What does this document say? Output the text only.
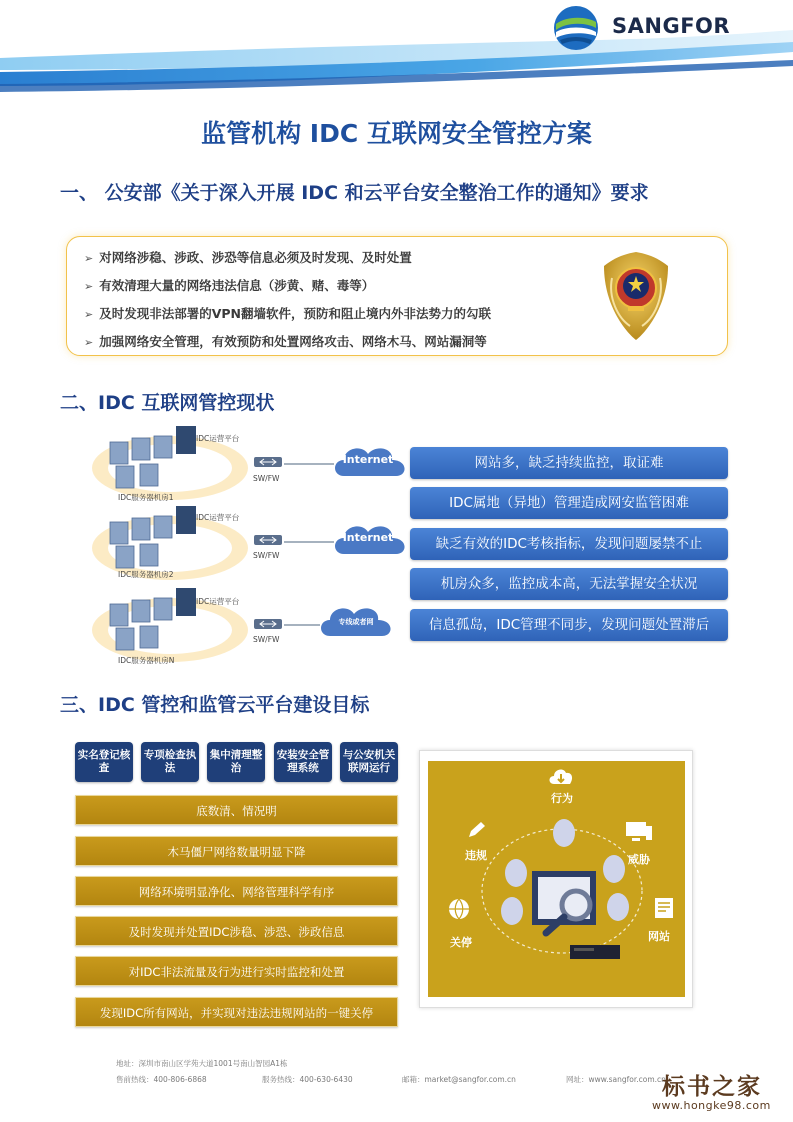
SANGFOR
监管机构 IDC 互联网安全管控方案
一、 公安部《关于深入开展 IDC 和云平台安全整治工作的通知》要求
➢ 对网络涉稳、涉政、涉恐等信息必须及时发现、及时处置
➢ 有效清理大量的网络违法信息（涉黄、赌、毒等）
➢ 及时发现非法部署的VPN翻墙软件，预防和阻止境内外非法势力的勾联
➢ 加强网络安全管理，有效预防和处置网络攻击、网络木马、网站漏洞等
二、IDC 互联网管控现状
IDC运营平台
IDC服务器机房1
SW/FW
Internet
IDC运营平台
IDC服务器机房2
SW/FW
Internet
IDC运营平台
IDC服务器机房N
SW/FW
专线或者网
网站多，缺乏持续监控，取证难
IDC属地（异地）管理造成网安监管困难
缺乏有效的IDC考核指标，发现问题屡禁不止
机房众多，监控成本高，无法掌握安全状况
信息孤岛，IDC管理不同步，发现问题处置滞后
三、IDC 管控和监管云平台建设目标
实名登记核查
专项检查执法
集中清理整治
安装安全管理系统
与公安机关联网运行
底数清、情况明
木马僵尸网络数量明显下降
网络环境明显净化、网络管理科学有序
及时发现并处置IDC涉稳、涉恐、涉政信息
对IDC非法流量及行为进行实时监控和处置
发现IDC所有网站，并实现对违法违规网站的一键关停
行为
违规	威胁
关停	网站
地址：深圳市南山区学苑大道1001号南山智园A1栋
售前热线：400-806-6868	服务热线：400-630-6430	邮箱：market@sangfor.com.cn	网址：www.sangfor.com.cn
标书之家
www.hongke98.com
